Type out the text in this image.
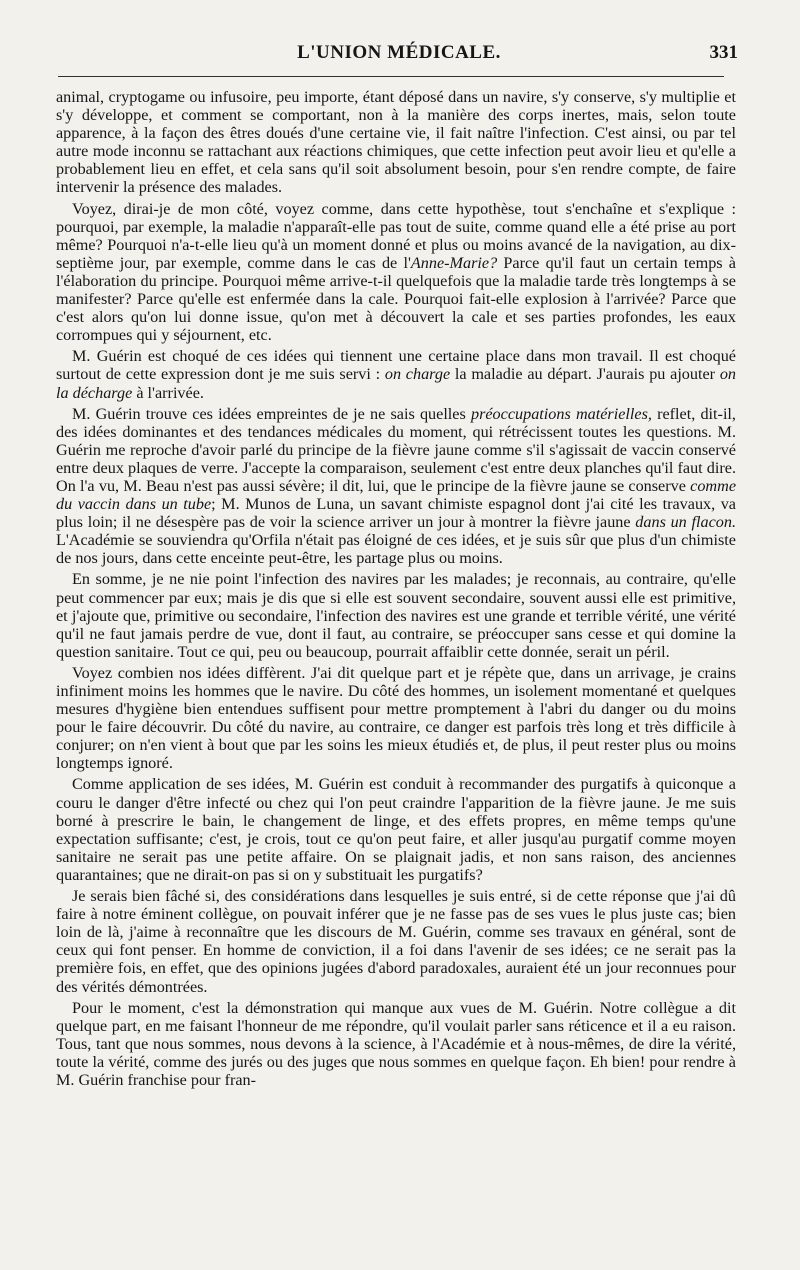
L'UNION MÉDICALE.	331

animal, cryptogame ou infusoire, peu importe, étant déposé dans un navire, s'y conserve, s'y multiplie et s'y développe, et comment se comportant, non à la manière des corps inertes, mais, selon toute apparence, à la façon des êtres doués d'une certaine vie, il fait naître l'infection. C'est ainsi, ou par tel autre mode inconnu se rattachant aux réactions chimiques, que cette infection peut avoir lieu et qu'elle a probablement lieu en effet, et cela sans qu'il soit absolument besoin, pour s'en rendre compte, de faire intervenir la présence des malades.

Voyez, dirai-je de mon côté, voyez comme, dans cette hypothèse, tout s'enchaîne et s'explique : pourquoi, par exemple, la maladie n'apparaît-elle pas tout de suite, comme quand elle a été prise au port même? Pourquoi n'a-t-elle lieu qu'à un moment donné et plus ou moins avancé de la navigation, au dix-septième jour, par exemple, comme dans le cas de l'Anne-Marie? Parce qu'il faut un certain temps à l'élaboration du principe. Pourquoi même arrive-t-il quelquefois que la maladie tarde très longtemps à se manifester? Parce qu'elle est enfermée dans la cale. Pourquoi fait-elle explosion à l'arrivée? Parce que c'est alors qu'on lui donne issue, qu'on met à découvert la cale et ses parties profondes, les eaux corrompues qui y séjournent, etc.

M. Guérin est choqué de ces idées qui tiennent une certaine place dans mon travail. Il est choqué surtout de cette expression dont je me suis servi : on charge la maladie au départ. J'aurais pu ajouter on la décharge à l'arrivée.

M. Guérin trouve ces idées empreintes de je ne sais quelles préoccupations matérielles, reflet, dit-il, des idées dominantes et des tendances médicales du moment, qui rétrécissent toutes les questions. M. Guérin me reproche d'avoir parlé du principe de la fièvre jaune comme s'il s'agissait de vaccin conservé entre deux plaques de verre. J'accepte la comparaison, seulement c'est entre deux planches qu'il faut dire. On l'a vu, M. Beau n'est pas aussi sévère; il dit, lui, que le principe de la fièvre jaune se conserve comme du vaccin dans un tube; M. Munos de Luna, un savant chimiste espagnol dont j'ai cité les travaux, va plus loin; il ne désespère pas de voir la science arriver un jour à montrer la fièvre jaune dans un flacon. L'Académie se souviendra qu'Orfila n'était pas éloigné de ces idées, et je suis sûr que plus d'un chimiste de nos jours, dans cette enceinte peut-être, les partage plus ou moins.

En somme, je ne nie point l'infection des navires par les malades; je reconnais, au contraire, qu'elle peut commencer par eux; mais je dis que si elle est souvent secondaire, souvent aussi elle est primitive, et j'ajoute que, primitive ou secondaire, l'infection des navires est une grande et terrible vérité, une vérité qu'il ne faut jamais perdre de vue, dont il faut, au contraire, se préoccuper sans cesse et qui domine la question sanitaire. Tout ce qui, peu ou beaucoup, pourrait affaiblir cette donnée, serait un péril.

Voyez combien nos idées diffèrent. J'ai dit quelque part et je répète que, dans un arrivage, je crains infiniment moins les hommes que le navire. Du côté des hommes, un isolement momentané et quelques mesures d'hygiène bien entendues suffisent pour mettre promptement à l'abri du danger ou du moins pour le faire découvrir. Du côté du navire, au contraire, ce danger est parfois très long et très difficile à conjurer; on n'en vient à bout que par les soins les mieux étudiés et, de plus, il peut rester plus ou moins longtemps ignoré.

Comme application de ses idées, M. Guérin est conduit à recommander des purgatifs à quiconque a couru le danger d'être infecté ou chez qui l'on peut craindre l'apparition de la fièvre jaune. Je me suis borné à prescrire le bain, le changement de linge, et des effets propres, en même temps qu'une expectation suffisante; c'est, je crois, tout ce qu'on peut faire, et aller jusqu'au purgatif comme moyen sanitaire ne serait pas une petite affaire. On se plaignait jadis, et non sans raison, des anciennes quarantaines; que ne dirait-on pas si on y substituait les purgatifs?

Je serais bien fâché si, des considérations dans lesquelles je suis entré, si de cette réponse que j'ai dû faire à notre éminent collègue, on pouvait inférer que je ne fasse pas de ses vues le plus juste cas; bien loin de là, j'aime à reconnaître que les discours de M. Guérin, comme ses travaux en général, sont de ceux qui font penser. En homme de conviction, il a foi dans l'avenir de ses idées; ce ne serait pas la première fois, en effet, que des opinions jugées d'abord paradoxales, auraient été un jour reconnues pour des vérités démontrées.

Pour le moment, c'est la démonstration qui manque aux vues de M. Guérin. Notre collègue a dit quelque part, en me faisant l'honneur de me répondre, qu'il voulait parler sans réticence et il a eu raison. Tous, tant que nous sommes, nous devons à la science, à l'Académie et à nous-mêmes, de dire la vérité, toute la vérité, comme des jurés ou des juges que nous sommes en quelque façon. Eh bien! pour rendre à M. Guérin franchise pour fran-
